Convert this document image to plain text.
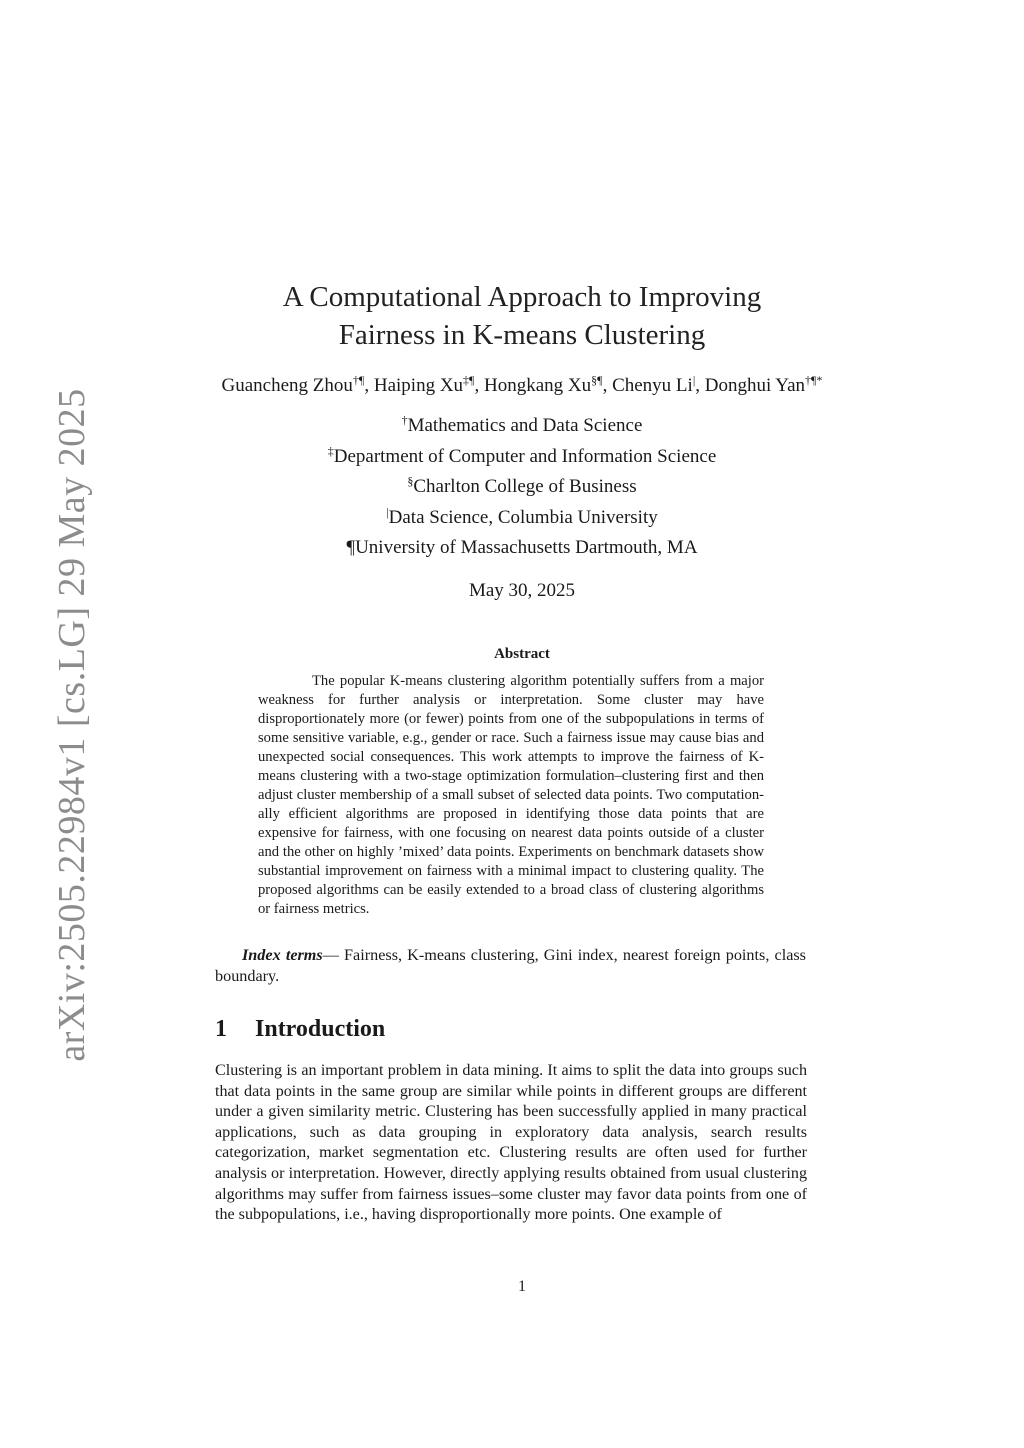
arXiv:2505.22984v1 [cs.LG] 29 May 2025
A Computational Approach to Improving
Fairness in K-means Clustering
Guancheng Zhou†¶, Haiping Xu‡¶, Hongkang Xu§¶, Chenyu Li|, Donghui Yan†¶*
†Mathematics and Data Science
‡Department of Computer and Information Science
§Charlton College of Business
|Data Science, Columbia University
¶University of Massachusetts Dartmouth, MA
May 30, 2025
Abstract
The popular K-means clustering algorithm potentially suffers from a major weakness for further analysis or interpretation. Some cluster may have disproportionately more (or fewer) points from one of the subpopulations in terms of some sensitive variable, e.g., gender or race. Such a fairness issue may cause bias and unexpected social consequences. This work attempts to improve the fairness of K-means clustering with a two-stage optimization formulation–clustering first and then adjust cluster membership of a small subset of selected data points. Two computationally efficient algorithms are proposed in identifying those data points that are expensive for fairness, with one focusing on nearest data points outside of a cluster and the other on highly ’mixed’ data points. Experiments on benchmark datasets show substantial improvement on fairness with a minimal impact to clustering quality. The proposed algorithms can be easily extended to a broad class of clustering algorithms or fairness metrics.
Index terms— Fairness, K-means clustering, Gini index, nearest foreign points, class boundary.
1 Introduction
Clustering is an important problem in data mining. It aims to split the data into groups such that data points in the same group are similar while points in different groups are different under a given similarity metric. Clustering has been successfully applied in many practical applications, such as data grouping in exploratory data analysis, search results categorization, market segmentation etc. Clustering results are often used for further analysis or interpretation. However, directly applying results obtained from usual clustering algorithms may suffer from fairness issues–some cluster may favor data points from one of the subpopulations, i.e., having disproportionally more points. One example of
1
